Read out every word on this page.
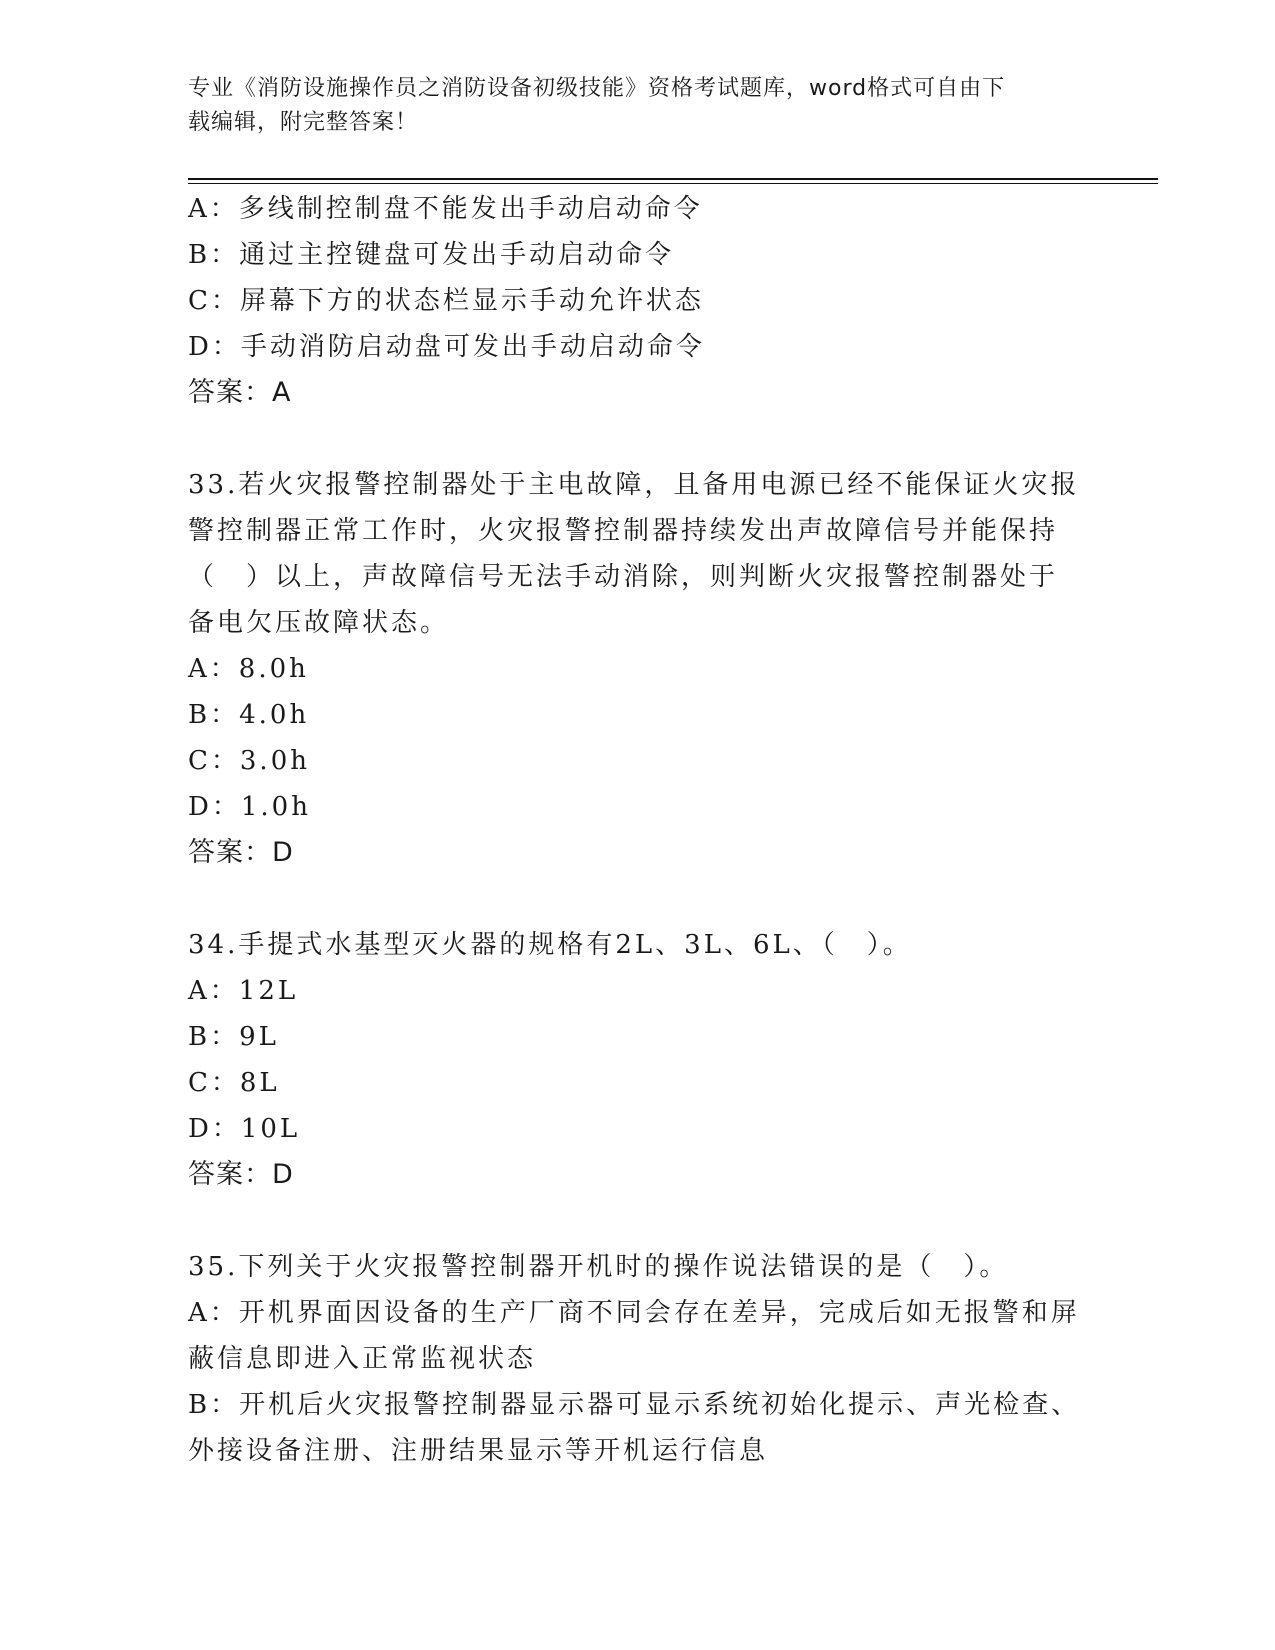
专业《消防设施操作员之消防设备初级技能》资格考试题库，word格式可自由下
载编辑，附完整答案！
A：多线制控制盘不能发出手动启动命令
B：通过主控键盘可发出手动启动命令
C：屏幕下方的状态栏显示手动允许状态
D：手动消防启动盘可发出手动启动命令
答案：A
33.若火灾报警控制器处于主电故障，且备用电源已经不能保证火灾报
警控制器正常工作时，火灾报警控制器持续发出声故障信号并能保持
（　）以上，声故障信号无法手动消除，则判断火灾报警控制器处于
备电欠压故障状态。
A：8.0h
B：4.0h
C：3.0h
D：1.0h
答案：D
34.手提式水基型灭火器的规格有2L、3L、6L、（　）。
A：12L
B：9L
C：8L
D：10L
答案：D
35.下列关于火灾报警控制器开机时的操作说法错误的是（　）。
A：开机界面因设备的生产厂商不同会存在差异，完成后如无报警和屏
蔽信息即进入正常监视状态
B：开机后火灾报警控制器显示器可显示系统初始化提示、声光检查、
外接设备注册、注册结果显示等开机运行信息
